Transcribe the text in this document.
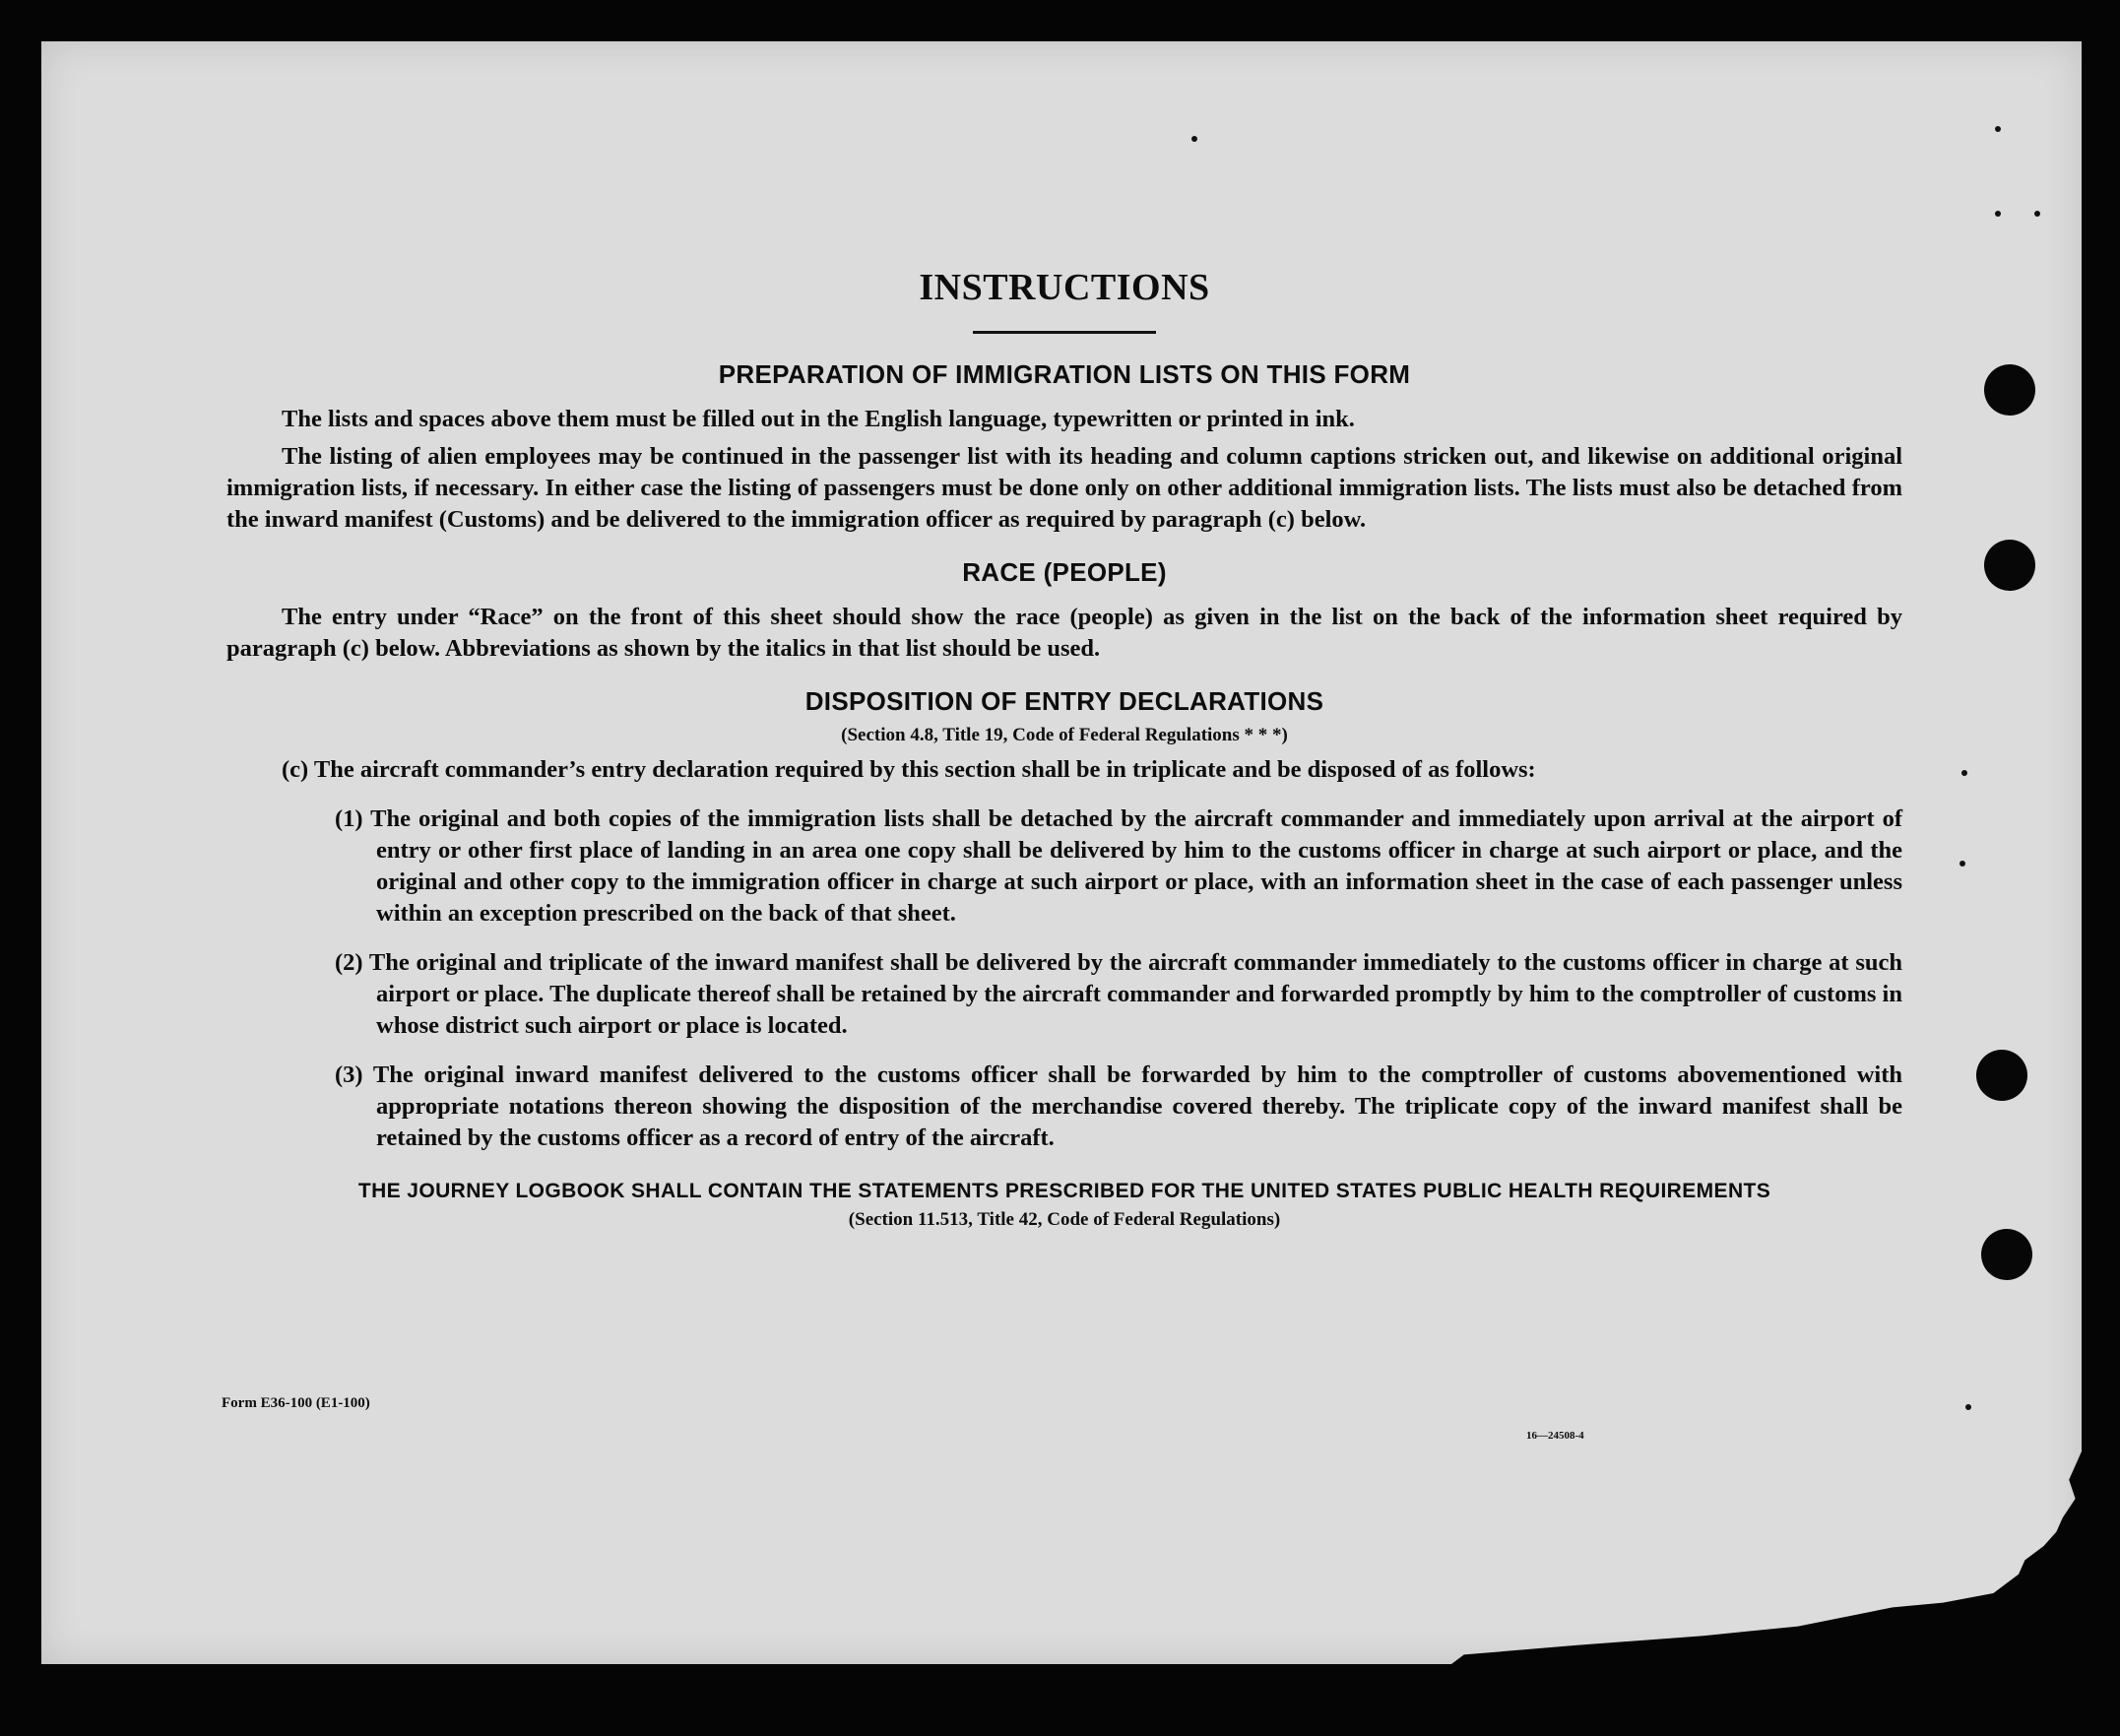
INSTRUCTIONS
PREPARATION OF IMMIGRATION LISTS ON THIS FORM

The lists and spaces above them must be filled out in the English language, typewritten or printed in ink.

The listing of alien employees may be continued in the passenger list with its heading and column captions stricken out, and likewise on additional original immigration lists, if necessary. In either case the listing of passengers must be done only on other additional immigration lists. The lists must also be detached from the inward manifest (Customs) and be delivered to the immigration officer as required by paragraph (c) below.

RACE (PEOPLE)

The entry under “Race” on the front of this sheet should show the race (people) as given in the list on the back of the information sheet required by paragraph (c) below. Abbreviations as shown by the italics in that list should be used.

DISPOSITION OF ENTRY DECLARATIONS
(Section 4.8, Title 19, Code of Federal Regulations * * *)

(c) The aircraft commander’s entry declaration required by this section shall be in triplicate and be disposed of as follows:

(1) The original and both copies of the immigration lists shall be detached by the aircraft commander and immediately upon arrival at the airport of entry or other first place of landing in an area one copy shall be delivered by him to the customs officer in charge at such airport or place, and the original and other copy to the immigration officer in charge at such airport or place, with an information sheet in the case of each passenger unless within an exception prescribed on the back of that sheet.

(2) The original and triplicate of the inward manifest shall be delivered by the aircraft commander immediately to the customs officer in charge at such airport or place. The duplicate thereof shall be retained by the aircraft commander and forwarded promptly by him to the comptroller of customs in whose district such airport or place is located.

(3) The original inward manifest delivered to the customs officer shall be forwarded by him to the comptroller of customs abovementioned with appropriate notations thereon showing the disposition of the merchandise covered thereby. The triplicate copy of the inward manifest shall be retained by the customs officer as a record of entry of the aircraft.

THE JOURNEY LOGBOOK SHALL CONTAIN THE STATEMENTS PRESCRIBED FOR THE UNITED STATES PUBLIC HEALTH REQUIREMENTS
(Section 11.513, Title 42, Code of Federal Regulations)
Form E36-100 (E1-100)
16—24508-4
